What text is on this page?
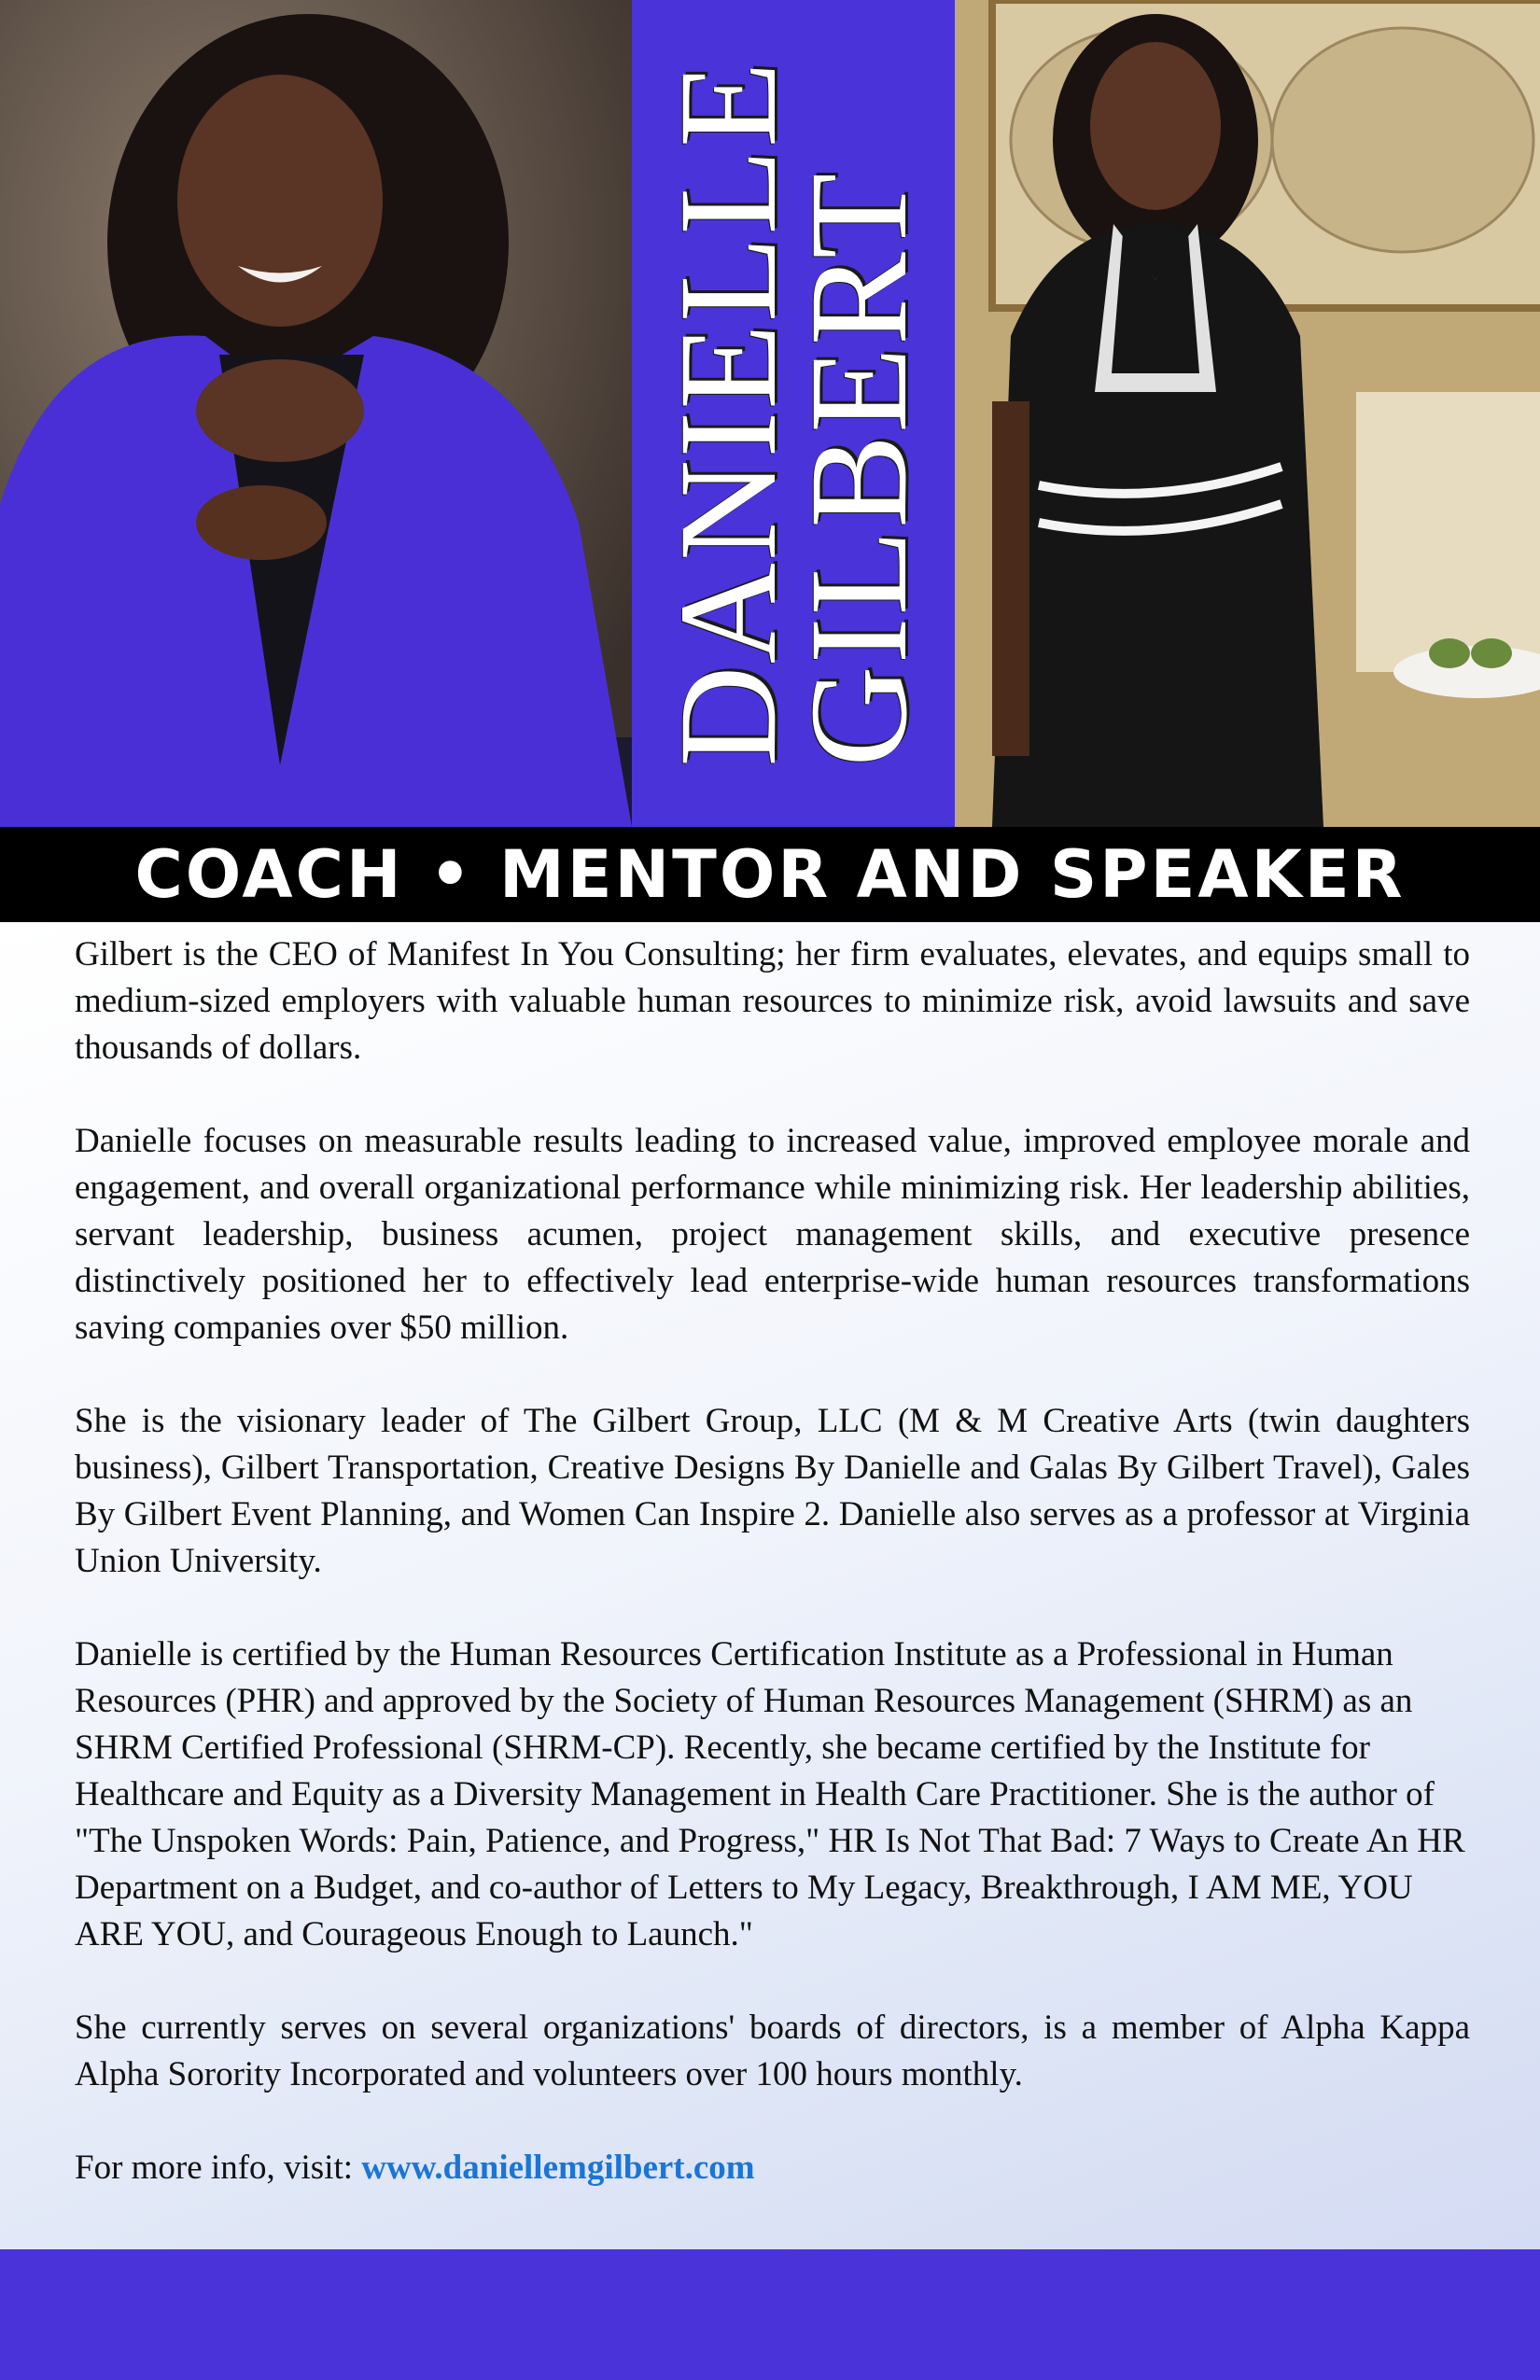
DANIELLE
GILBERT
COACH • MENTOR AND SPEAKER

Gilbert is the CEO of Manifest In You Consulting; her firm evaluates, elevates, and equips small to medium-sized employers with valuable human resources to minimize risk, avoid lawsuits and save thousands of dollars.

Danielle focuses on measurable results leading to increased value, improved employee morale and engagement, and overall organizational performance while minimizing risk. Her leadership abilities, servant leadership, business acumen, project management skills, and executive presence distinctively positioned her to effectively lead enterprise-wide human resources transformations saving companies over $50 million.

She is the visionary leader of The Gilbert Group, LLC (M & M Creative Arts (twin daughters business), Gilbert Transportation, Creative Designs By Danielle and Galas By Gilbert Travel), Gales By Gilbert Event Planning, and Women Can Inspire 2. Danielle also serves as a professor at Virginia Union University.

Danielle is certified by the Human Resources Certification Institute as a Professional in Human Resources (PHR) and approved by the Society of Human Resources Management (SHRM) as an SHRM Certified Professional (SHRM-CP). Recently, she became certified by the Institute for Healthcare and Equity as a Diversity Management in Health Care Practitioner. She is the author of "The Unspoken Words: Pain, Patience, and Progress," HR Is Not That Bad: 7 Ways to Create An HR Department on a Budget, and co-author of Letters to My Legacy, Breakthrough, I AM ME, YOU ARE YOU, and Courageous Enough to Launch."

She currently serves on several organizations' boards of directors, is a member of Alpha Kappa Alpha Sorority Incorporated and volunteers over 100 hours monthly.

For more info, visit: www.daniellemgilbert.com
